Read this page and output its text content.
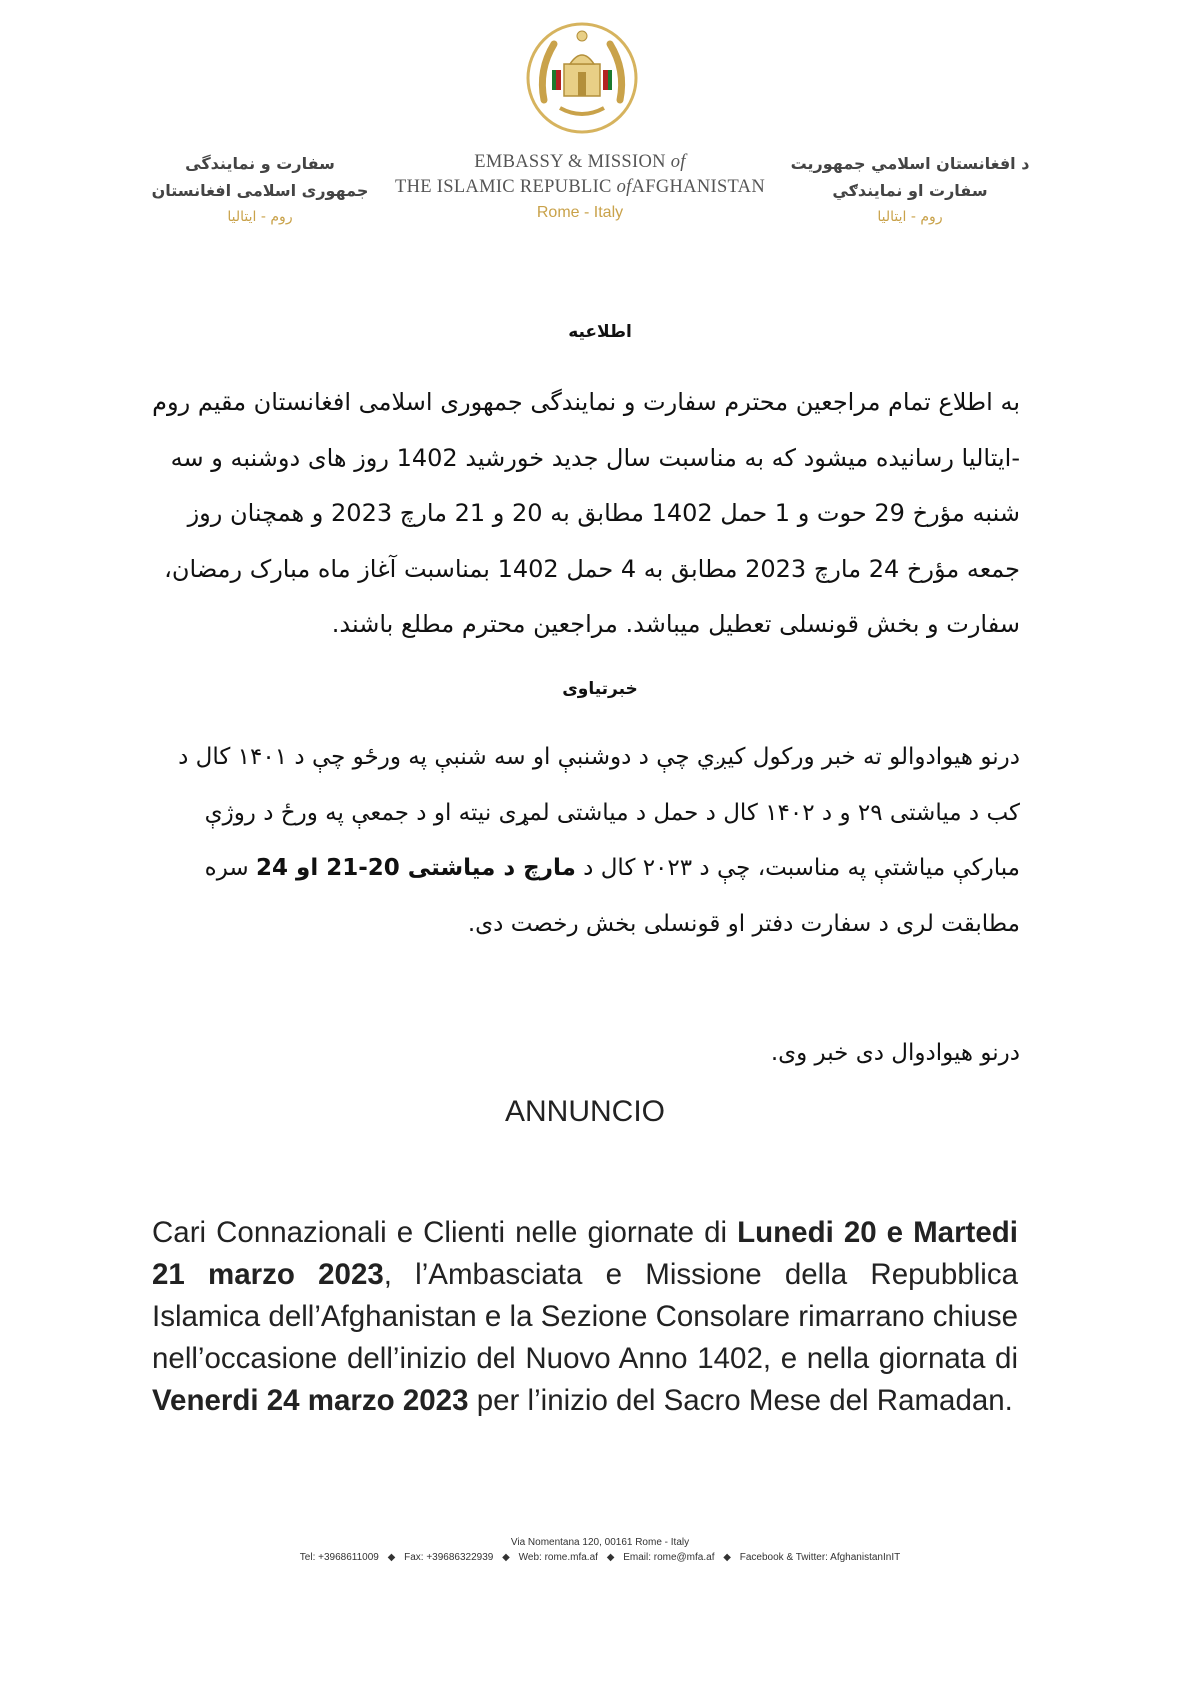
سفارت و نمايندگی
جمهوری اسلامی افغانستان
روم - ایتالیا
EMBASSY & MISSION of
THE ISLAMIC REPUBLIC ofAFGHANISTAN
Rome - Italy
د افغانستان اسلامي جمهوريت
سفارت او نمايندګي
روم - ایتالیا
اطلاعیه
به اطلاع تمام مراجعین محترم سفارت و نمایندگی جمهوری اسلامی افغانستان مقیم روم -ایتالیا رسانیده میشود که به مناسبت سال جدید خورشید 1402 روز های دوشنبه و سه شنبه مؤرخ 29 حوت و 1 حمل 1402 مطابق به 20 و 21 مارچ 2023 و همچنان روز جمعه مؤرخ 24 مارچ 2023 مطابق به 4 حمل 1402 بمناسبت آغاز ماه مبارک رمضان، سفارت و بخش قونسلی تعطیل میباشد. مراجعین محترم مطلع باشند.
خبرتیاوی
درنو هیوادوالو ته خبر ورکول کیږي چې د دوشنبې او سه شنبې په ورځو چې د ۱۴۰۱ کال د کب د میاشتی ۲۹ و د ۱۴۰۲ کال د حمل د میاشتی لمړی نیته او د جمعې په ورځ د روژې مبارکې میاشتې په مناسبت، چې د ۲۰۲۳ کال د مارچ د میاشتی 20-21 او 24 سره مطابقت لری د سفارت دفتر او قونسلی بخش رخصت دی.
درنو هیوادوال دی خبر وی.
ANNUNCIO
Cari Connazionali e Clienti nelle giornate di Lunedi 20 e Martedi 21 marzo 2023, l’Ambasciata e Missione della Repubblica Islamica dell’Afghanistan e la Sezione Consolare rimarrano chiuse nell’occasione dell’inizio del Nuovo Anno 1402, e nella giornata di Venerdi 24 marzo 2023 per l’inizio del Sacro Mese del Ramadan.
Via Nomentana 120, 00161 Rome - Italy
Tel: +3968611009 ◆ Fax: +39686322939 ◆ Web: rome.mfa.af ◆ Email: rome@mfa.af ◆ Facebook & Twitter: AfghanistanInIT
